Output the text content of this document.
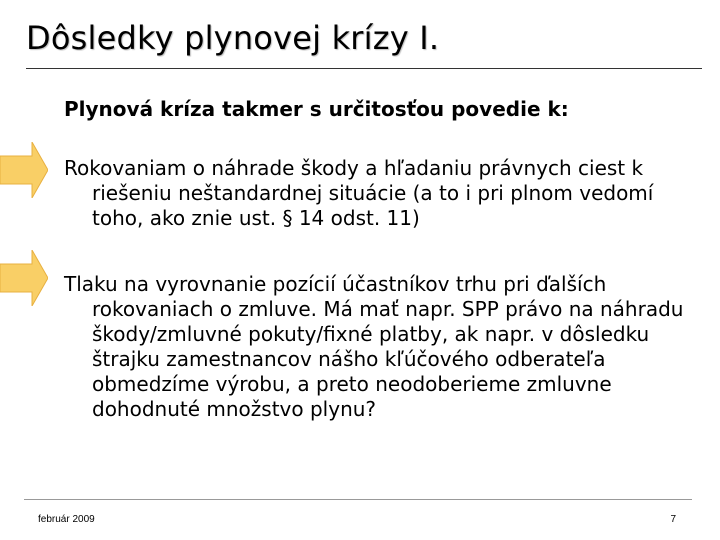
Dôsledky plynovej krízy I.
Plynová kríza takmer s určitosťou povedie k:
Rokovaniam o náhrade škody a hľadaniu právnych ciest k riešeniu neštandardnej situácie (a to i pri plnom vedomí toho, ako znie ust. § 14 odst. 11)
Tlaku na vyrovnanie pozícií účastníkov trhu pri ďalších rokovaniach o zmluve. Má mať napr. SPP právo na náhradu škody/zmluvné pokuty/fixné platby, ak napr. v dôsledku štrajku zamestnancov nášho kľúčového odberateľa obmedzíme výrobu, a preto neodoberieme zmluvne dohodnuté množstvo plynu?
február 2009	7
